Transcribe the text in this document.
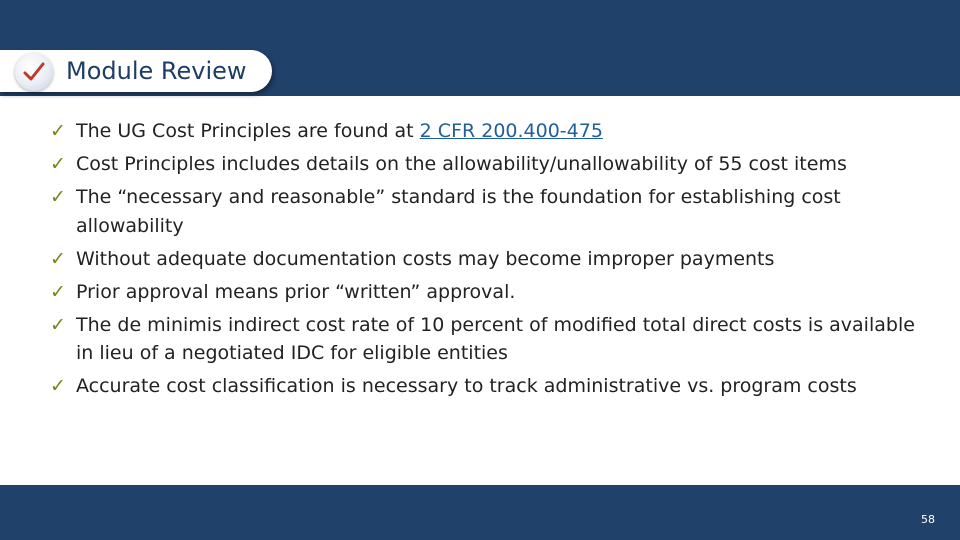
Module Review
✓ The UG Cost Principles are found at 2 CFR 200.400-475
✓ Cost Principles includes details on the allowability/unallowability of 55 cost items
✓ The “necessary and reasonable” standard is the foundation for establishing cost allowability
✓ Without adequate documentation costs may become improper payments
✓ Prior approval means prior “written” approval.
✓ The de minimis indirect cost rate of 10 percent of modified total direct costs is available in lieu of a negotiated IDC for eligible entities
✓ Accurate cost classification is necessary to track administrative vs. program costs
58
